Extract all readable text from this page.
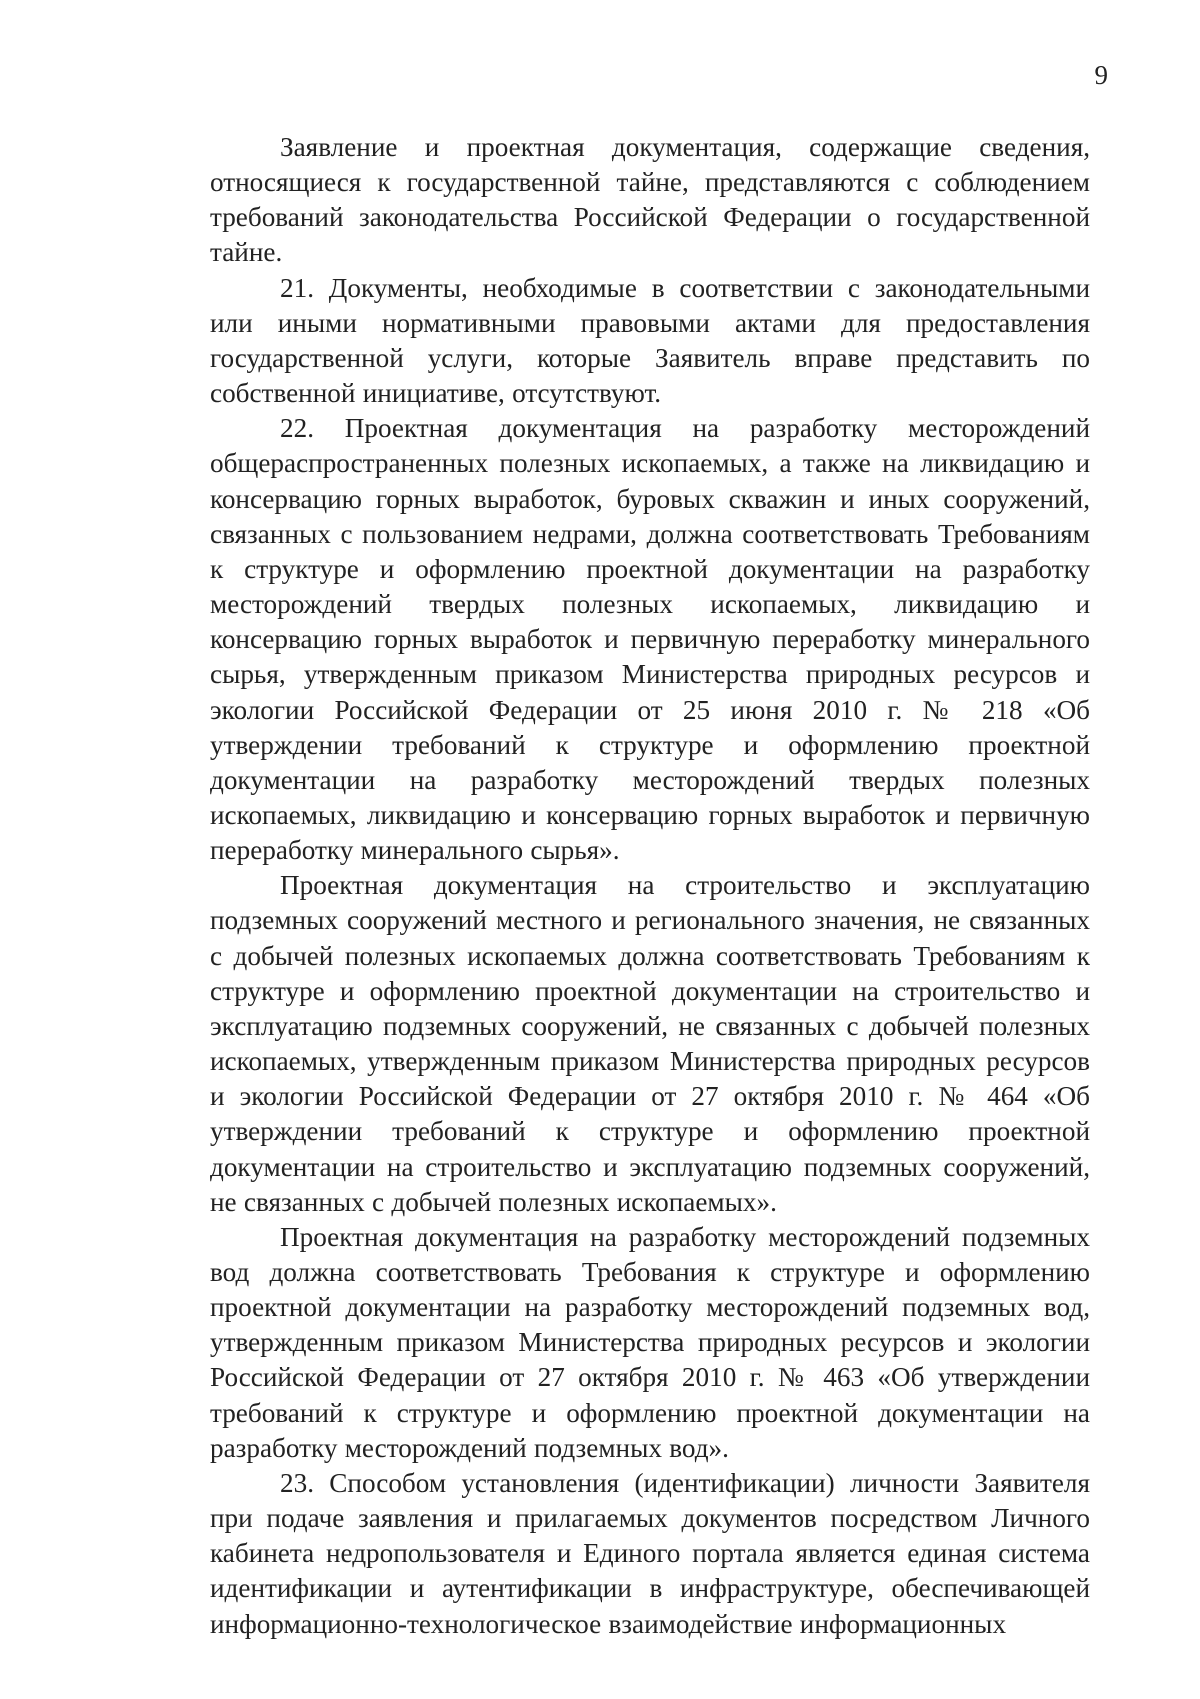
9

Заявление и проектная документация, содержащие сведения, относящиеся к государственной тайне, представляются с соблюдением требований законодательства Российской Федерации о государственной тайне.

21. Документы, необходимые в соответствии с законодательными или иными нормативными правовыми актами для предоставления государственной услуги, которые Заявитель вправе представить по собственной инициативе, отсутствуют.

22. Проектная документация на разработку месторождений общераспространенных полезных ископаемых, а также на ликвидацию и консервацию горных выработок, буровых скважин и иных сооружений, связанных с пользованием недрами, должна соответствовать Требованиям к структуре и оформлению проектной документации на разработку месторождений твердых полезных ископаемых, ликвидацию и консервацию горных выработок и первичную переработку минерального сырья, утвержденным приказом Министерства природных ресурсов и экологии Российской Федерации от 25 июня 2010 г. № 218 «Об утверждении требований к структуре и оформлению проектной документации на разработку месторождений твердых полезных ископаемых, ликвидацию и консервацию горных выработок и первичную переработку минерального сырья».

Проектная документация на строительство и эксплуатацию подземных сооружений местного и регионального значения, не связанных с добычей полезных ископаемых должна соответствовать Требованиям к структуре и оформлению проектной документации на строительство и эксплуатацию подземных сооружений, не связанных с добычей полезных ископаемых, утвержденным приказом Министерства природных ресурсов и экологии Российской Федерации от 27 октября 2010 г. № 464 «Об утверждении требований к структуре и оформлению проектной документации на строительство и эксплуатацию подземных сооружений, не связанных с добычей полезных ископаемых».

Проектная документация на разработку месторождений подземных вод должна соответствовать Требования к структуре и оформлению проектной документации на разработку месторождений подземных вод, утвержденным приказом Министерства природных ресурсов и экологии Российской Федерации от 27 октября 2010 г. № 463 «Об утверждении требований к структуре и оформлению проектной документации на разработку месторождений подземных вод».

23. Способом установления (идентификации) личности Заявителя при подаче заявления и прилагаемых документов посредством Личного кабинета недропользователя и Единого портала является единая система идентификации и аутентификации в инфраструктуре, обеспечивающей информационно-технологическое взаимодействие информационных
